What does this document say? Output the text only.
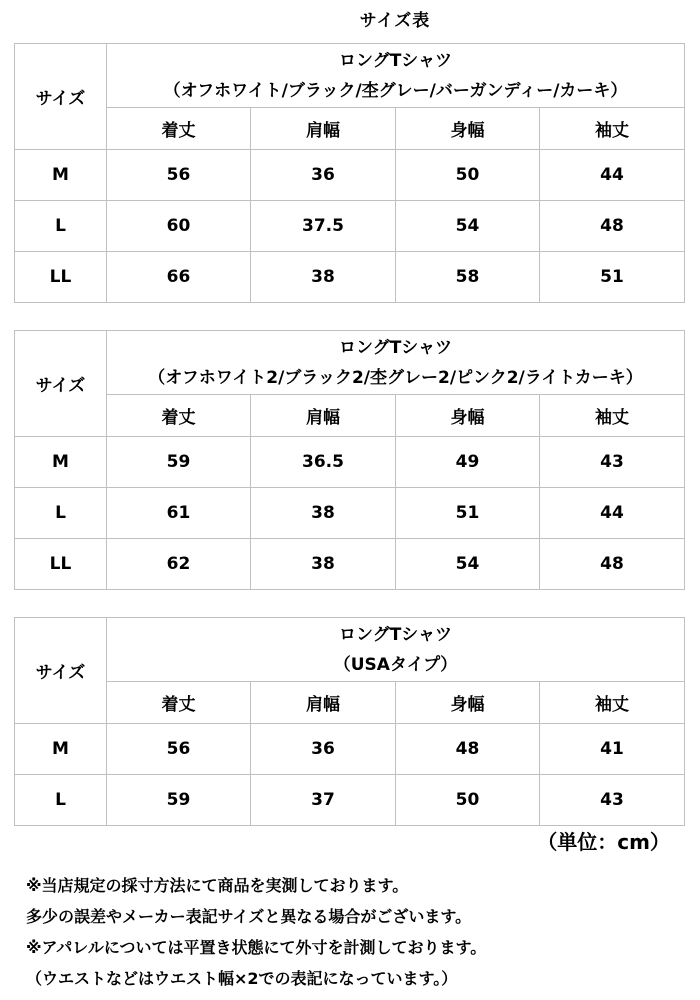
サイズ表
サイズ	ロングTシャツ
（オフホワイト/ブラック/杢グレー/バーガンディー/カーキ）			

	着丈	肩幅	身幅	袖丈
M	56	36	50	44
L	60	37.5	54	48
LL	66	38	58	51
サイズ	ロングTシャツ
（オフホワイト2/ブラック2/杢グレー2/ピンク2/ライトカーキ）			

	着丈	肩幅	身幅	袖丈
M	59	36.5	49	43
L	61	38	51	44
LL	62	38	54	48
サイズ	ロングTシャツ
（USAタイプ）			

	着丈	肩幅	身幅	袖丈
M	56	36	48	41
L	59	37	50	43
（単位：cm）
※当店規定の採寸方法にて商品を実測しております。
多少の誤差やメーカー表記サイズと異なる場合がございます。
※アパレルについては平置き状態にて外寸を計測しております。
（ウエストなどはウエスト幅×2での表記になっています。）
